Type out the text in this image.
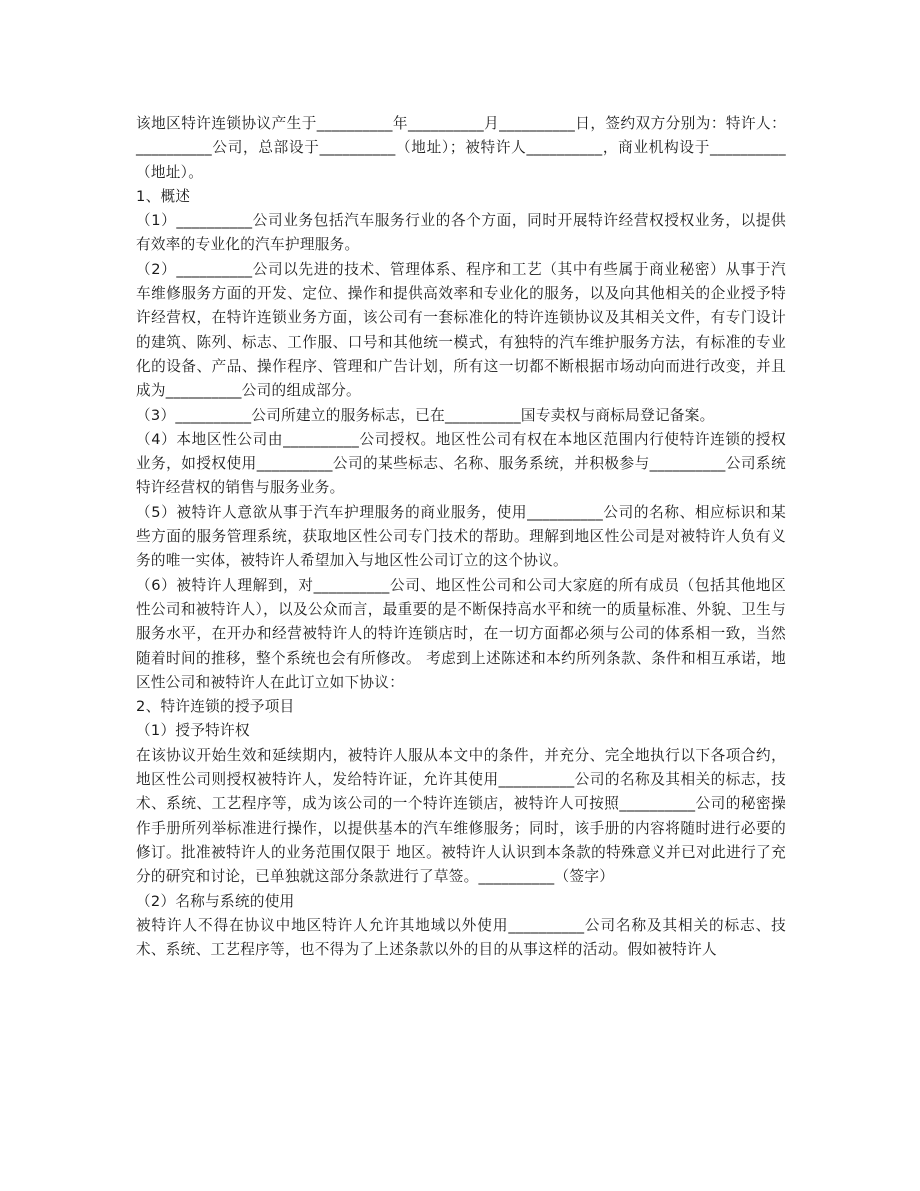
该地区特许连锁协议产生于__________年__________月__________日，签约双方分别为：特许人：__________公司，总部设于__________（地址）；被特许人__________，商业机构设于__________（地址）。

1、概述

（1）__________公司业务包括汽车服务行业的各个方面，同时开展特许经营权授权业务，以提供有效率的专业化的汽车护理服务。

（2）__________公司以先进的技术、管理体系、程序和工艺（其中有些属于商业秘密）从事于汽车维修服务方面的开发、定位、操作和提供高效率和专业化的服务，以及向其他相关的企业授予特许经营权，在特许连锁业务方面，该公司有一套标准化的特许连锁协议及其相关文件，有专门设计的建筑、陈列、标志、工作服、口号和其他统一模式，有独特的汽车维护服务方法，有标准的专业化的设备、产品、操作程序、管理和广告计划，所有这一切都不断根据市场动向而进行改变，并且成为__________公司的组成部分。

（3）__________公司所建立的服务标志，已在__________国专卖权与商标局登记备案。

（4）本地区性公司由__________公司授权。地区性公司有权在本地区范围内行使特许连锁的授权业务，如授权使用__________公司的某些标志、名称、服务系统，并积极参与__________公司系统特许经营权的销售与服务业务。

（5）被特许人意欲从事于汽车护理服务的商业服务，使用__________公司的名称、相应标识和某些方面的服务管理系统，获取地区性公司专门技术的帮助。理解到地区性公司是对被特许人负有义务的唯一实体，被特许人希望加入与地区性公司订立的这个协议。

（6）被特许人理解到，对__________公司、地区性公司和公司大家庭的所有成员（包括其他地区性公司和被特许人），以及公众而言，最重要的是不断保持高水平和统一的质量标准、外貌、卫生与服务水平，在开办和经营被特许人的特许连锁店时，在一切方面都必须与公司的体系相一致，当然随着时间的推移，整个系统也会有所修改。 考虑到上述陈述和本约所列条款、条件和相互承诺，地区性公司和被特许人在此订立如下协议：

2、特许连锁的授予项目

（1）授予特许权

在该协议开始生效和延续期内，被特许人服从本文中的条件，并充分、完全地执行以下各项合约，地区性公司则授权被特许人，发给特许证，允许其使用__________公司的名称及其相关的标志，技术、系统、工艺程序等，成为该公司的一个特许连锁店，被特许人可按照__________公司的秘密操作手册所列举标准进行操作，以提供基本的汽车维修服务；同时，该手册的内容将随时进行必要的修订。批准被特许人的业务范围仅限于 地区。被特许人认识到本条款的特殊意义并已对此进行了充分的研究和讨论，已单独就这部分条款进行了草签。__________（签字）

（2）名称与系统的使用

被特许人不得在协议中地区特许人允许其地域以外使用__________公司名称及其相关的标志、技术、系统、工艺程序等，也不得为了上述条款以外的目的从事这样的活动。假如被特许人
